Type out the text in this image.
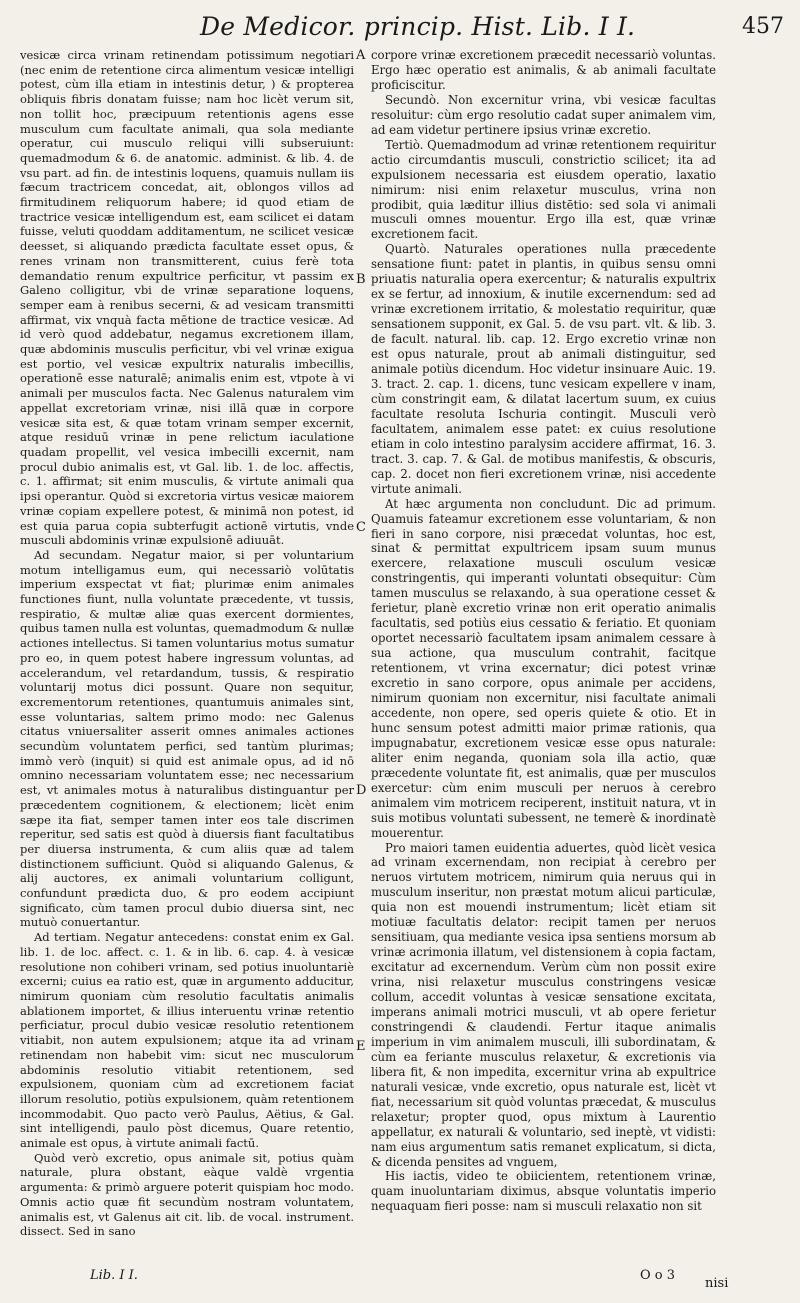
De Medicor. princip. Hist. Lib. I I.	457

vesicæ circa vrinam retinendam potissimum negotiari (nec enim de retentione circa alimentum vesicæ intelligi potest, cùm illa etiam in intestinis detur, ) & propterea obliquis fibris donatam fuisse; nam hoc licèt verum sit, non tollit hoc, præcipuum retentionis agens esse musculum cum facultate animali, qua sola mediante operatur, cui musculo reliqui villi subseruiunt: quemadmodum & 6. de anatomic. administ. & lib. 4. de vsu part. ad fin. de intestinis loquens, quamuis nullam iis fæcum tractricem concedat, ait, oblongos villos ad firmitudinem reliquorum habere; id quod etiam de tractrice vesicæ intelligendum est, eam scilicet ei datam fuisse, veluti quoddam additamentum, ne scilicet vesicæ deesset, si aliquando prædicta facultate esset opus, & renes vrinam non transmitterent, cuius ferè tota demandatio renum expultrice perficitur, vt passim ex Galeno colligitur, vbi de vrinæ separatione loquens, semper eam à renibus secerni, & ad vesicam transmitti affirmat, vix vnquà facta mētione de tractice vesicæ. Ad id verò quod addebatur, negamus excretionem illam, quæ abdominis musculis perficitur, vbi vel vrinæ exigua est portio, vel vesicæ expultrix naturalis imbecillis, operationē esse naturalē; animalis enim est, vtpote à vi animali per musculos facta. Nec Galenus naturalem vim appellat excretoriam vrinæ, nisi illā quæ in corpore vesicæ sita est, & quæ totam vrinam semper excernit, atque residuū vrinæ in pene relictum iaculatione quadam propellit, vel vesica imbecilli excernit, nam procul dubio animalis est, vt Gal. lib. 1. de loc. affectis, c. 1. affirmat; sit enim musculis, & virtute animali qua ipsi operantur. Quòd si excretoria virtus vesicæ maiorem vrinæ copiam expellere potest, & minimā non potest, id est quia parua copia subterfugit actionē virtutis, vnde musculi abdominis vrinæ expulsionē adiuuāt.

Ad secundam. Negatur maior, si per voluntarium motum intelligamus eum, qui necessariò volūtatis imperium exspectat vt fiat; plurimæ enim animales functiones fiunt, nulla voluntate præcedente, vt tussis, respiratio, & multæ aliæ quas exercent dormientes, quibus tamen nulla est voluntas, quemadmodum & nullæ actiones intellectus. Si tamen voluntarius motus sumatur pro eo, in quem potest habere ingressum voluntas, ad accelerandum, vel retardandum, tussis, & respiratio voluntarij motus dici possunt. Quare non sequitur, excrementorum retentiones, quantumuis animales sint, esse voluntarias, saltem primo modo: nec Galenus citatus vniuersaliter asserit omnes animales actiones secundùm voluntatem perfici, sed tantùm plurimas; immò verò (inquit) si quid est animale opus, ad id nō omnino necessariam voluntatem esse; nec necessarium est, vt animales motus à naturalibus distinguantur per præcedentem cognitionem, & electionem; licèt enim sæpe ita fiat, semper tamen inter eos tale discrimen reperitur, sed satis est quòd à diuersis fiant facultatibus per diuersa instrumenta, & cum aliis quæ ad talem distinctionem sufficiunt. Quòd si aliquando Galenus, & alij auctores, ex animali voluntarium colligunt, confundunt prædicta duo, & pro eodem accipiunt significato, cùm tamen procul dubio diuersa sint, nec mutuò conuertantur.

Ad tertiam. Negatur antecedens: constat enim ex Gal. lib. 1. de loc. affect. c. 1. & in lib. 6. cap. 4. à vesicæ resolutione non cohiberi vrinam, sed potius inuoluntariè excerni; cuius ea ratio est, quæ in argumento adducitur, nimirum quoniam cùm resolutio facultatis animalis ablationem importet, & illius interuentu vrinæ retentio perficiatur, procul dubio vesicæ resolutio retentionem vitiabit, non autem expulsionem; atque ita ad vrinam retinendam non habebit vim: sicut nec musculorum abdominis resolutio vitiabit retentionem, sed expulsionem, quoniam cùm ad excretionem faciat illorum resolutio, potiùs expulsionem, quàm retentionem incommodabit. Quo pacto verò Paulus, Aëtius, & Gal. sint intelligendi, paulo pòst dicemus, Quare retentio, animale est opus, à virtute animali factū.

Quòd verò excretio, opus animale sit, potius quàm naturale, plura obstant, eàque valdè vrgentia argumenta: & primò arguere poterit quispiam hoc modo. Omnis actio quæ fit secundùm nostram voluntatem, animalis est, vt Galenus ait cit. lib. de vocal. instrument. dissect. Sed in sano

A
B
C
D
E

corpore vrinæ excretionem præcedit necessariò voluntas. Ergo hæc operatio est animalis, & ab animali facultate proficiscitur.

Secundò. Non excernitur vrina, vbi vesicæ facultas resoluitur: cùm ergo resolutio cadat super animalem vim, ad eam videtur pertinere ipsius vrinæ excretio.

Tertiò. Quemadmodum ad vrinæ retentionem requiritur actio circumdantis musculi, constrictio scilicet; ita ad expulsionem necessaria est eiusdem operatio, laxatio nimirum: nisi enim relaxetur musculus, vrina non prodibit, quia læditur illius distētio: sed sola vi animali musculi omnes mouentur. Ergo illa est, quæ vrinæ excretionem facit.

Quartò. Naturales operationes nulla præcedente sensatione fiunt: patet in plantis, in quibus sensu omni priuatis naturalia opera exercentur; & naturalis expultrix ex se fertur, ad innoxium, & inutile excernendum: sed ad vrinæ excretionem irritatio, & molestatio requiritur, quæ sensationem supponit, ex Gal. 5. de vsu part. vlt. & lib. 3. de facult. natural. lib. cap. 12. Ergo excretio vrinæ non est opus naturale, prout ab animali distinguitur, sed animale potiùs dicendum. Hoc videtur insinuare Auic. 19. 3. tract. 2. cap. 1. dicens, tunc vesicam expellere v inam, cùm constringit eam, & dilatat lacertum suum, ex cuius facultate resoluta Ischuria contingit. Musculi verò facultatem, animalem esse patet: ex cuius resolutione etiam in colo intestino paralysim accidere affirmat, 16. 3. tract. 3. cap. 7. & Gal. de motibus manifestis, & obscuris, cap. 2. docet non fieri excretionem vrinæ, nisi accedente virtute animali.

At hæc argumenta non concludunt. Dic ad primum. Quamuis fateamur excretionem esse voluntariam, & non fieri in sano corpore, nisi præcedat voluntas, hoc est, sinat & permittat expultricem ipsam suum munus exercere, relaxatione musculi osculum vesicæ constringentis, qui imperanti voluntati obsequitur: Cùm tamen musculus se relaxando, à sua operatione cesset & ferietur, planè excretio vrinæ non erit operatio animalis facultatis, sed potiùs eius cessatio & feriatio. Et quoniam oportet necessariò facultatem ipsam animalem cessare à sua actione, qua musculum contrahit, facitque retentionem, vt vrina excernatur; dici potest vrinæ excretio in sano corpore, opus animale per accidens, nimirum quoniam non excernitur, nisi facultate animali accedente, non opere, sed operis quiete & otio. Et in hunc sensum potest admitti maior primæ rationis, qua impugnabatur, excretionem vesicæ esse opus naturale: aliter enim neganda, quoniam sola illa actio, quæ præcedente voluntate fit, est animalis, quæ per musculos exercetur: cùm enim musculi per neruos à cerebro animalem vim motricem reciperent, instituit natura, vt in suis motibus voluntati subessent, ne temerè & inordinatè mouerentur.

Pro maiori tamen euidentia aduertes, quòd licèt vesica ad vrinam excernendam, non recipiat à cerebro per neruos virtutem motricem, nimirum quia neruus qui in musculum inseritur, non præstat motum alicui particulæ, quia non est mouendi instrumentum; licèt etiam sit motiuæ facultatis delator: recipit tamen per neruos sensitiuam, qua mediante vesica ipsa sentiens morsum ab vrinæ acrimonia illatum, vel distensionem à copia factam, excitatur ad excernendum. Verùm cùm non possit exire vrina, nisi relaxetur musculus constringens vesicæ collum, accedit voluntas à vesicæ sensatione excitata, imperans animali motrici musculi, vt ab opere ferietur constringendi & claudendi. Fertur itaque animalis imperium in vim animalem musculi, illi subordinatam, & cùm ea feriante musculus relaxetur, & excretionis via libera fit, & non impedita, excernitur vrina ab expultrice naturali vesicæ, vnde excretio, opus naturale est, licèt vt fiat, necessarium sit quòd voluntas præcedat, & musculus relaxetur; propter quod, opus mixtum à Laurentio appellatur, ex naturali & voluntario, sed ineptè, vt vidisti: nam eius argumentum satis remanet explicatum, si dicta, & dicenda pensites ad vnguem,

His iactis, video te obiicientem, retentionem vrinæ, quam inuoluntariam diximus, absque voluntatis imperio nequaquam fieri posse: nam si musculi relaxatio non sit

Lib. I I.	O o 3
nisi
